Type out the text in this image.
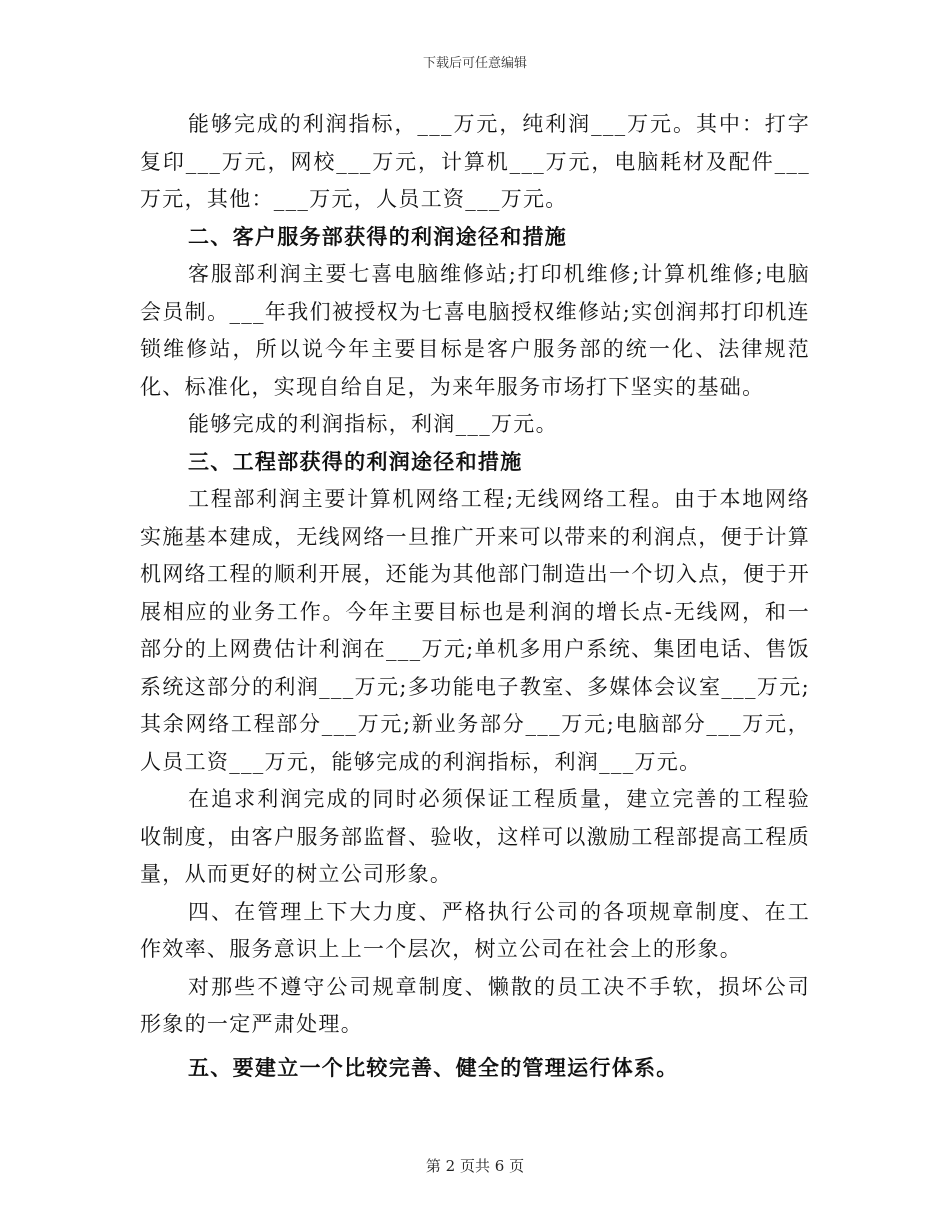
下载后可任意编辑

能够完成的利润指标，___万元，纯利润___万元。其中：打字复印___万元，网校___万元，计算机___万元，电脑耗材及配件___万元，其他：___万元，人员工资___万元。

二、客户服务部获得的利润途径和措施

客服部利润主要七喜电脑维修站;打印机维修;计算机维修;电脑会员制。___年我们被授权为七喜电脑授权维修站;实创润邦打印机连锁维修站，所以说今年主要目标是客户服务部的统一化、法律规范化、标准化，实现自给自足，为来年服务市场打下坚实的基础。

能够完成的利润指标，利润___万元。

三、工程部获得的利润途径和措施

工程部利润主要计算机网络工程;无线网络工程。由于本地网络实施基本建成，无线网络一旦推广开来可以带来的利润点，便于计算机网络工程的顺利开展，还能为其他部门制造出一个切入点，便于开展相应的业务工作。今年主要目标也是利润的增长点-无线网，和一部分的上网费估计利润在___万元;单机多用户系统、集团电话、售饭系统这部分的利润___万元;多功能电子教室、多媒体会议室___万元;其余网络工程部分___万元;新业务部分___万元;电脑部分___万元，人员工资___万元，能够完成的利润指标，利润___万元。

在追求利润完成的同时必须保证工程质量，建立完善的工程验收制度，由客户服务部监督、验收，这样可以激励工程部提高工程质量，从而更好的树立公司形象。

四、在管理上下大力度、严格执行公司的各项规章制度、在工作效率、服务意识上上一个层次，树立公司在社会上的形象。

对那些不遵守公司规章制度、懒散的员工决不手软，损坏公司形象的一定严肃处理。

五、要建立一个比较完善、健全的管理运行体系。

第 2 页共 6 页
